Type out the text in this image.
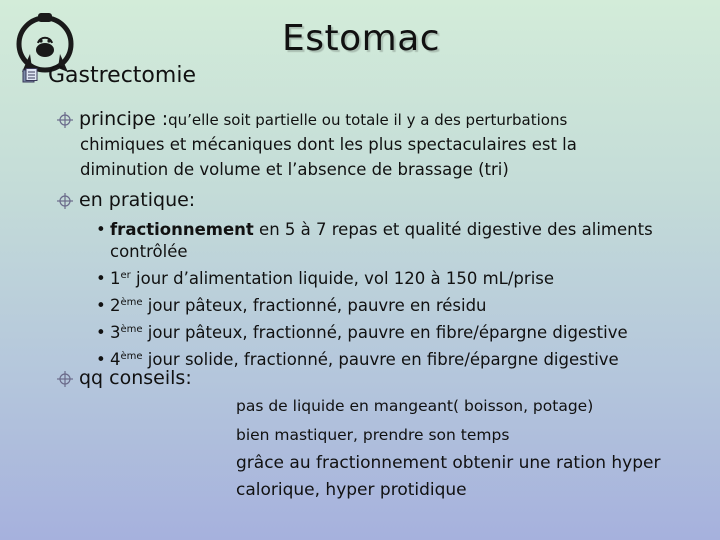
Estomac
Gastrectomie
principe : qu’elle soit partielle ou totale il y a des perturbations
chimiques et mécaniques dont les plus spectaculaires est la
diminution de volume et l’absence de brassage (tri)
en pratique:
• fractionnement en 5 à 7 repas et qualité digestive des aliments
contrôlée
• 1er jour d’alimentation liquide, vol 120 à 150 mL/prise
• 2ème jour pâteux, fractionné, pauvre en résidu
• 3ème jour pâteux, fractionné, pauvre en fibre/épargne digestive
• 4ème jour solide, fractionné, pauvre en fibre/épargne digestive
qq conseils:
pas de liquide en mangeant( boisson, potage)
bien mastiquer, prendre son temps
grâce au fractionnement obtenir une ration hyper
calorique, hyper protidique
